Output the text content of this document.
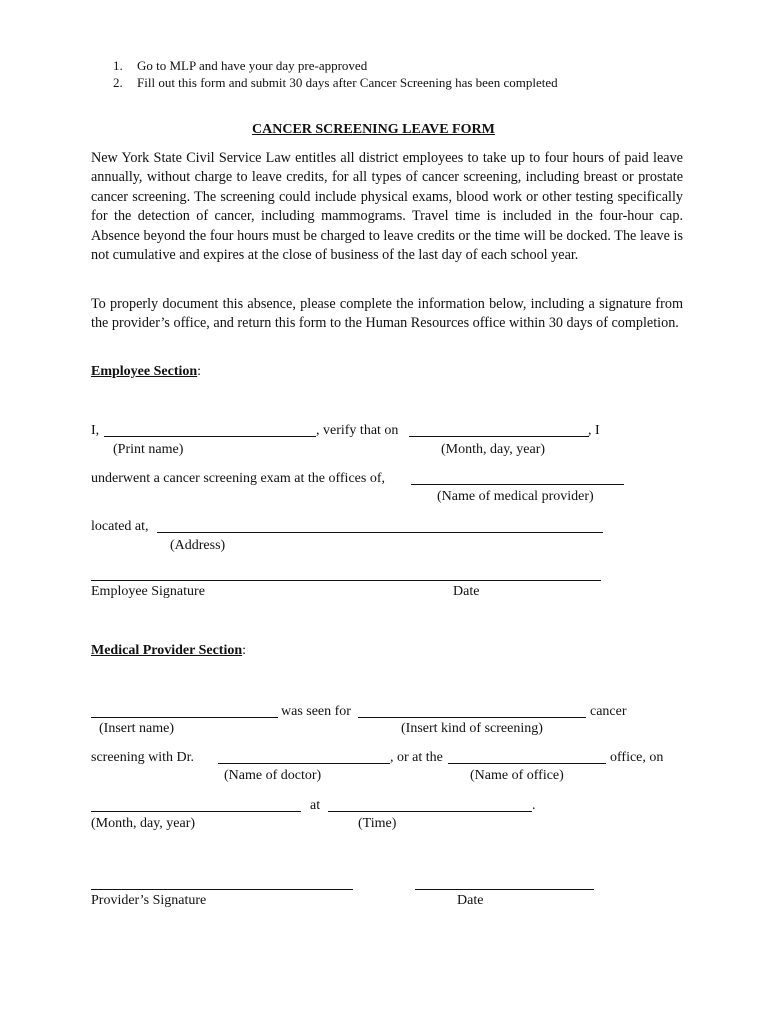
1. Go to MLP and have your day pre-approved
2. Fill out this form and submit 30 days after Cancer Screening has been completed
CANCER SCREENING LEAVE FORM
New York State Civil Service Law entitles all district employees to take up to four hours of paid leave annually, without charge to leave credits, for all types of cancer screening, including breast or prostate cancer screening. The screening could include physical exams, blood work or other testing specifically for the detection of cancer, including mammograms. Travel time is included in the four-hour cap. Absence beyond the four hours must be charged to leave credits or the time will be docked. The leave is not cumulative and expires at the close of business of the last day of each school year.
To properly document this absence, please complete the information below, including a signature from the provider’s office, and return this form to the Human Resources office within 30 days of completion.
Employee Section:
I,	, verify that on	, I
(Print name)	(Month, day, year)
underwent a cancer screening exam at the offices of,
(Name of medical provider)
located at,
(Address)
Employee Signature	Date
Medical Provider Section:
was seen for	cancer
(Insert name)	(Insert kind of screening)
screening with Dr.	, or at the	office, on
(Name of doctor)	(Name of office)
at	.
(Month, day, year)	(Time)
Provider’s Signature	Date
